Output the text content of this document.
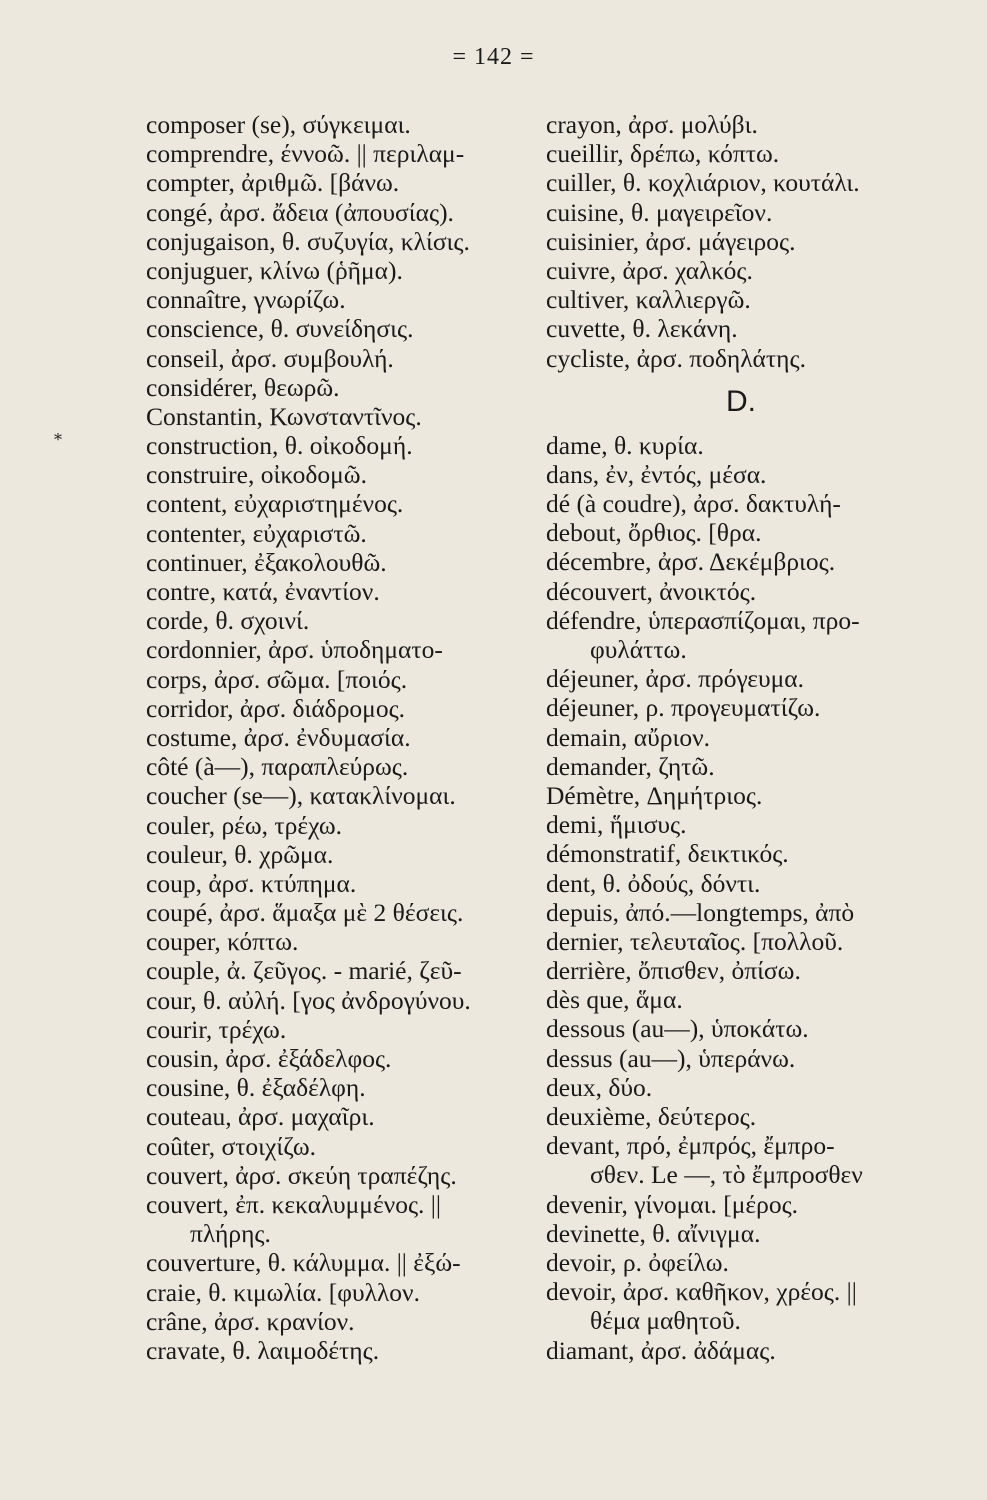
= 142 =
*
composer (se), σύγκειμαι.
comprendre, έννοῶ. || περιλαμ-
compter, ἀριθμῶ. [βάνω.
congé, ἀρσ. ἄδεια (ἀπουσίας).
conjugaison, θ. συζυγία, κλίσις.
conjuguer, κλίνω (ῥῆμα).
connaître, γνωρίζω.
conscience, θ. συνείδησις.
conseil, ἀρσ. συμβουλή.
considérer, θεωρῶ.
Constantin, Κωνσταντῖνος.
construction, θ. οἰκοδομή.
construire, οἰκοδομῶ.
content, εὐχαριστημένος.
contenter, εὐχαριστῶ.
continuer, ἐξακολουθῶ.
contre, κατά, ἐναντίον.
corde, θ. σχοινί.
cordonnier, ἀρσ. ὑποδηματο-
corps, ἀρσ. σῶμα. [ποιός.
corridor, ἀρσ. διάδρομος.
costume, ἀρσ. ἐνδυμασία.
côté (à—), παραπλεύρως.
coucher (se—), κατακλίνομαι.
couler, ρέω, τρέχω.
couleur, θ. χρῶμα.
coup, ἀρσ. κτύπημα.
coupé, ἀρσ. ἅμαξα μὲ 2 θέσεις.
couper, κόπτω.
couple, ἀ. ζεῦγος. - marié, ζεῦ-
cour, θ. αὐλή. [γος ἀνδρογύνου.
courir, τρέχω.
cousin, ἀρσ. ἐξάδελφος.
cousine, θ. ἐξαδέλφη.
couteau, ἀρσ. μαχαῖρι.
coûter, στοιχίζω.
couvert, ἀρσ. σκεύη τραπέζης.
couvert, ἐπ. κεκαλυμμένος. ||
πλήρης.
couverture, θ. κάλυμμα. || ἐξώ-
craie, θ. κιμωλία. [φυλλον.
crâne, ἀρσ. κρανίον.
cravate, θ. λαιμοδέτης.
crayon, ἀρσ. μολύβι.
cueillir, δρέπω, κόπτω.
cuiller, θ. κοχλιάριον, κουτάλι.
cuisine, θ. μαγειρεῖον.
cuisinier, ἀρσ. μάγειρος.
cuivre, ἀρσ. χαλκός.
cultiver, καλλιεργῶ.
cuvette, θ. λεκάνη.
cycliste, ἀρσ. ποδηλάτης.
D.
dame, θ. κυρία.
dans, ἐν, ἐντός, μέσα.
dé (à coudre), ἀρσ. δακτυλή-
debout, ὄρθιος. [θρα.
décembre, ἀρσ. Δεκέμβριος.
découvert, ἀνοικτός.
défendre, ὑπερασπίζομαι, προ-
φυλάττω.
déjeuner, ἀρσ. πρόγευμα.
déjeuner, ρ. προγευματίζω.
demain, αὔριον.
demander, ζητῶ.
Démètre, Δημήτριος.
demi, ἥμισυς.
démonstratif, δεικτικός.
dent, θ. ὀδούς, δόντι.
depuis, ἀπό.—longtemps, ἀπὸ
dernier, τελευταῖος. [πολλοῦ.
derrière, ὄπισθεν, ὀπίσω.
dès que, ἅμα.
dessous (au—), ὑποκάτω.
dessus (au—), ὑπεράνω.
deux, δύο.
deuxième, δεύτερος.
devant, πρό, ἐμπρός, ἔμπρο-
σθεν. Le —, τὸ ἔμπροσθεν
devenir, γίνομαι. [μέρος.
devinette, θ. αἴνιγμα.
devoir, ρ. ὀφείλω.
devoir, ἀρσ. καθῆκον, χρέος. ||
θέμα μαθητοῦ.
diamant, ἀρσ. ἀδάμας.
